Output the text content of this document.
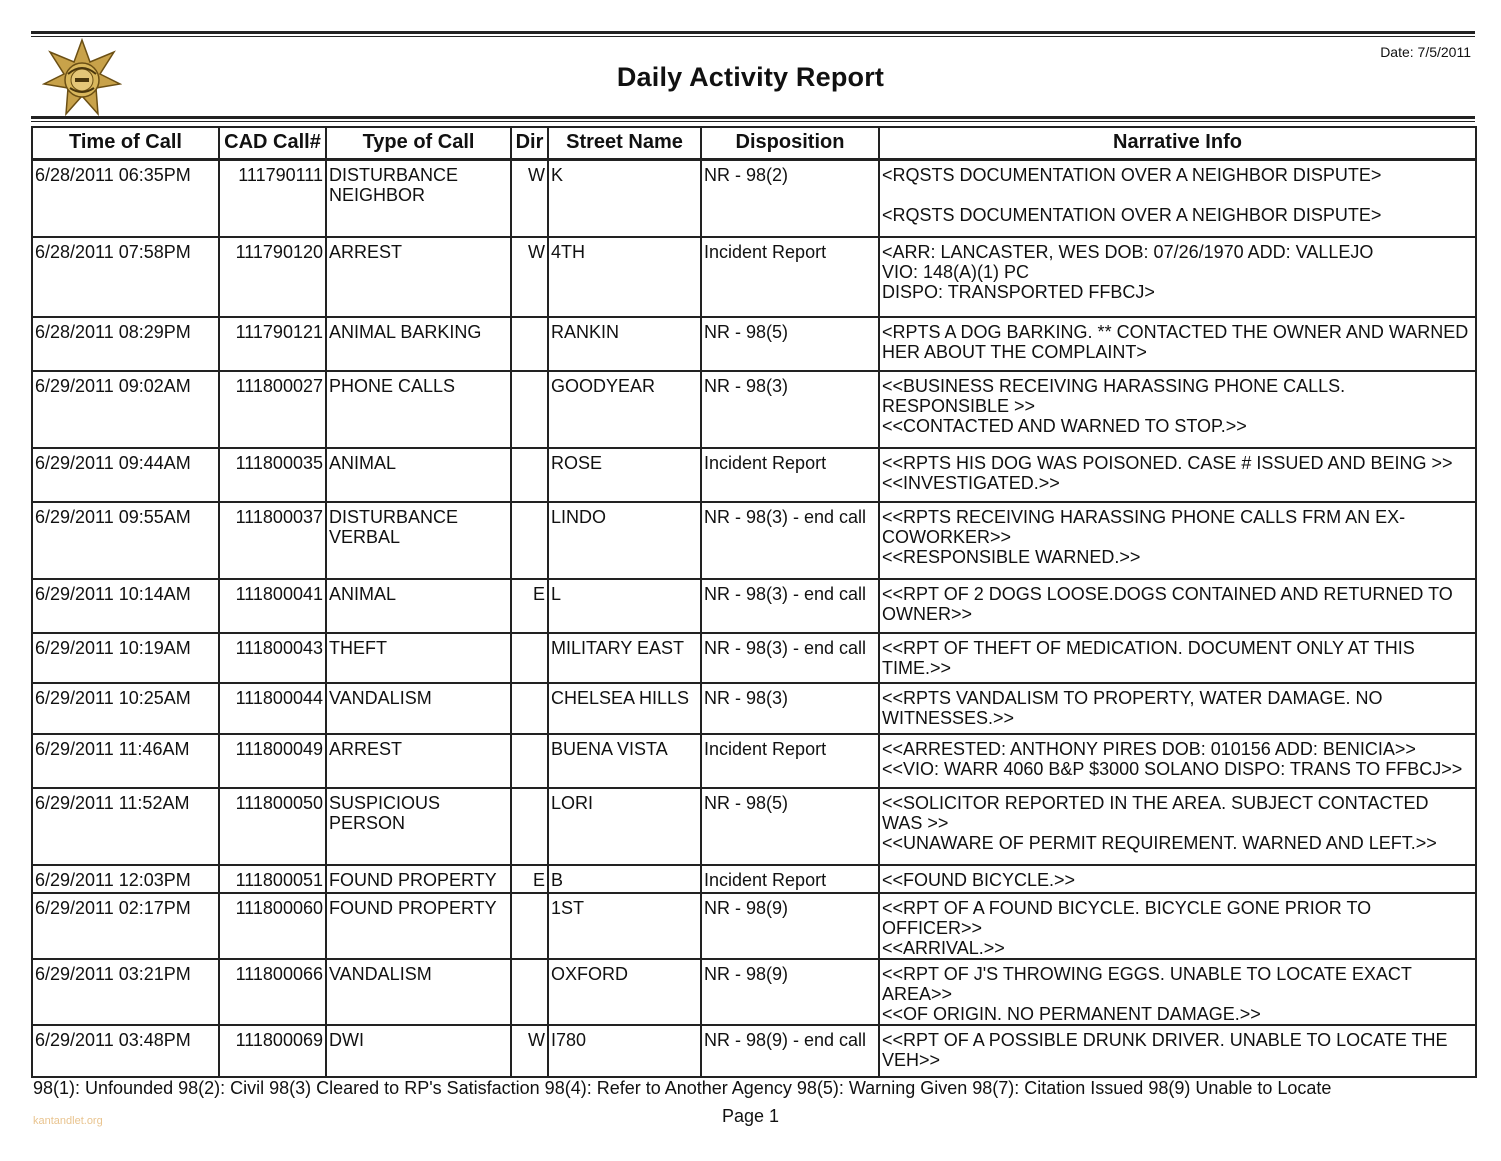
Daily Activity Report
Date: 7/5/2011
Time of Call	CAD Call#	Type of Call	Dir	Street Name	Disposition	Narrative Info
6/28/2011 06:35PM	111790111	DISTURBANCE NEIGHBOR	W	K	NR - 98(2)	<RQSTS DOCUMENTATION OVER A NEIGHBOR DISPUTE>

<RQSTS DOCUMENTATION OVER A NEIGHBOR DISPUTE>
6/28/2011 07:58PM	111790120	ARREST	W	4TH	Incident Report	<ARR: LANCASTER, WES DOB: 07/26/1970 ADD: VALLEJO
VIO: 148(A)(1) PC
DISPO: TRANSPORTED FFBCJ>
6/28/2011 08:29PM	111790121	ANIMAL BARKING		RANKIN	NR - 98(5)	<RPTS A DOG BARKING. ** CONTACTED THE OWNER AND WARNED
HER ABOUT THE COMPLAINT>
6/29/2011 09:02AM	111800027	PHONE CALLS		GOODYEAR	NR - 98(3)	<<BUSINESS RECEIVING HARASSING PHONE CALLS. RESPONSIBLE >>
<<CONTACTED AND WARNED TO STOP.>>
6/29/2011 09:44AM	111800035	ANIMAL		ROSE	Incident Report	<<RPTS HIS DOG WAS POISONED. CASE # ISSUED AND BEING >>
<<INVESTIGATED.>>
6/29/2011 09:55AM	111800037	DISTURBANCE VERBAL		LINDO	NR - 98(3) - end call	<<RPTS RECEIVING HARASSING PHONE CALLS FRM AN EX-COWORKER>>
<<RESPONSIBLE WARNED.>>
6/29/2011 10:14AM	111800041	ANIMAL	E	L	NR - 98(3) - end call	<<RPT OF 2 DOGS LOOSE.DOGS CONTAINED AND RETURNED TO OWNER>>
6/29/2011 10:19AM	111800043	THEFT		MILITARY EAST	NR - 98(3) - end call	<<RPT OF THEFT OF MEDICATION. DOCUMENT ONLY AT THIS TIME.>>
6/29/2011 10:25AM	111800044	VANDALISM		CHELSEA HILLS	NR - 98(3)	<<RPTS VANDALISM TO PROPERTY, WATER DAMAGE. NO WITNESSES.>>
6/29/2011 11:46AM	111800049	ARREST		BUENA VISTA	Incident Report	<<ARRESTED: ANTHONY PIRES DOB: 010156 ADD: BENICIA>>
<<VIO: WARR 4060 B&P $3000 SOLANO DISPO: TRANS TO FFBCJ>>
6/29/2011 11:52AM	111800050	SUSPICIOUS PERSON		LORI	NR - 98(5)	<<SOLICITOR REPORTED IN THE AREA. SUBJECT CONTACTED WAS >>
<<UNAWARE OF PERMIT REQUIREMENT. WARNED AND LEFT.>>
6/29/2011 12:03PM	111800051	FOUND PROPERTY	E	B	Incident Report	<<FOUND BICYCLE.>>
6/29/2011 02:17PM	111800060	FOUND PROPERTY		1ST	NR - 98(9)	<<RPT OF A FOUND BICYCLE. BICYCLE GONE PRIOR TO OFFICER>>
<<ARRIVAL.>>
6/29/2011 03:21PM	111800066	VANDALISM		OXFORD	NR - 98(9)	<<RPT OF J'S THROWING EGGS. UNABLE TO LOCATE EXACT AREA>>
<<OF ORIGIN. NO PERMANENT DAMAGE.>>
6/29/2011 03:48PM	111800069	DWI	W	I780	NR - 98(9) - end call	<<RPT OF A POSSIBLE DRUNK DRIVER. UNABLE TO LOCATE THE VEH>>
98(1): Unfounded 98(2): Civil 98(3) Cleared to RP's Satisfaction 98(4): Refer to Another Agency 98(5): Warning Given 98(7): Citation Issued 98(9) Unable to Locate
Page 1
kantandlet.org
